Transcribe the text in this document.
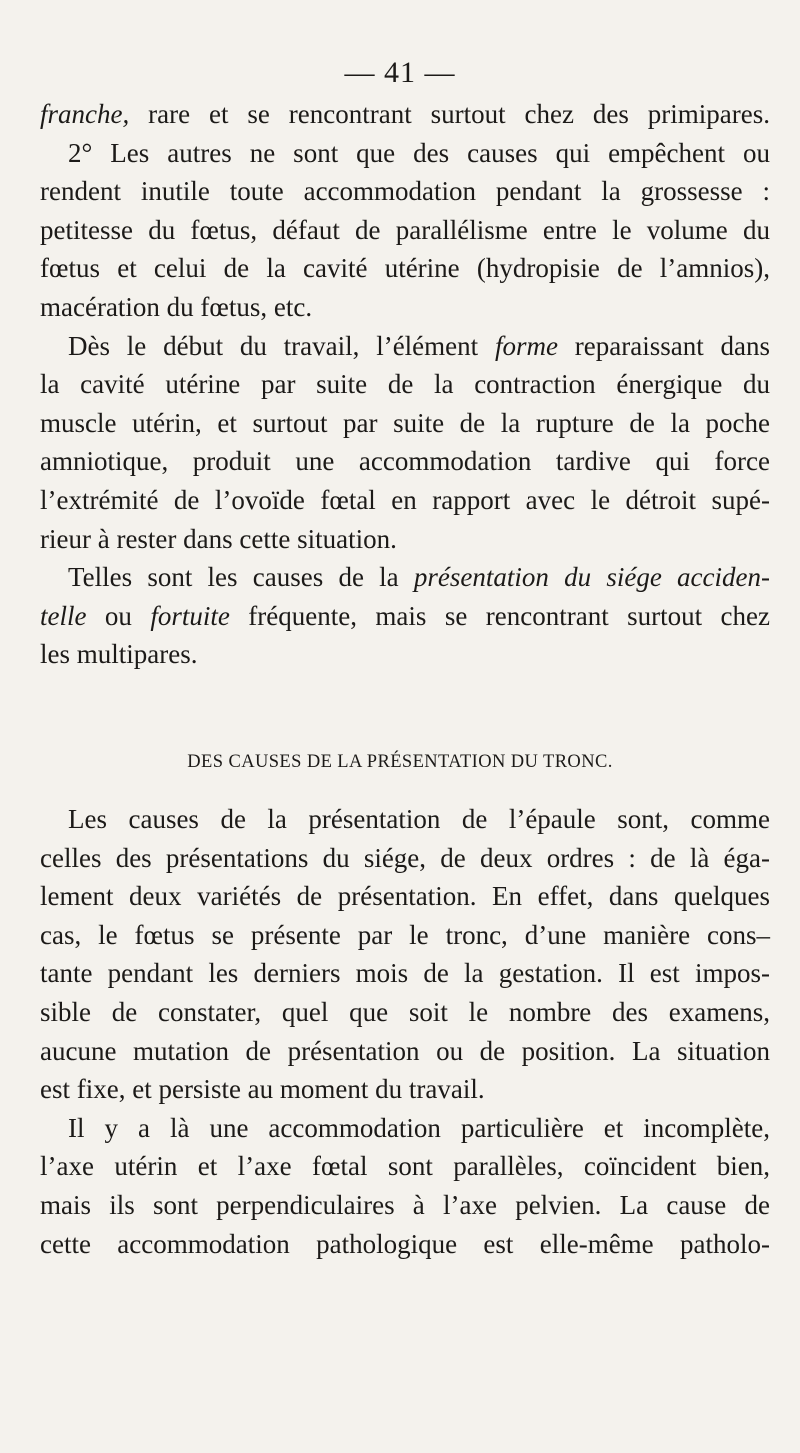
— 41 —
franche, rare et se rencontrant surtout chez des primipares.
2° Les autres ne sont que des causes qui empêchent ou
rendent inutile toute accommodation pendant la grossesse :
petitesse du fœtus, défaut de parallélisme entre le volume du
fœtus et celui de la cavité utérine (hydropisie de l’amnios),
macération du fœtus, etc.
Dès le début du travail, l’élément forme reparaissant dans
la cavité utérine par suite de la contraction énergique du
muscle utérin, et surtout par suite de la rupture de la poche
amniotique, produit une accommodation tardive qui force
l’extrémité de l’ovoïde fœtal en rapport avec le détroit supé-
rieur à rester dans cette situation.
Telles sont les causes de la présentation du siége acciden-
telle ou fortuite fréquente, mais se rencontrant surtout chez
les multipares.
DES CAUSES DE LA PRÉSENTATION DU TRONC.
Les causes de la présentation de l’épaule sont, comme
celles des présentations du siége, de deux ordres : de là éga-
lement deux variétés de présentation. En effet, dans quelques
cas, le fœtus se présente par le tronc, d’une manière cons–
tante pendant les derniers mois de la gestation. Il est impos-
sible de constater, quel que soit le nombre des examens,
aucune mutation de présentation ou de position. La situation
est fixe, et persiste au moment du travail.
Il y a là une accommodation particulière et incomplète,
l’axe utérin et l’axe fœtal sont parallèles, coïncident bien,
mais ils sont perpendiculaires à l’axe pelvien. La cause de
cette accommodation pathologique est elle-même patholo-
